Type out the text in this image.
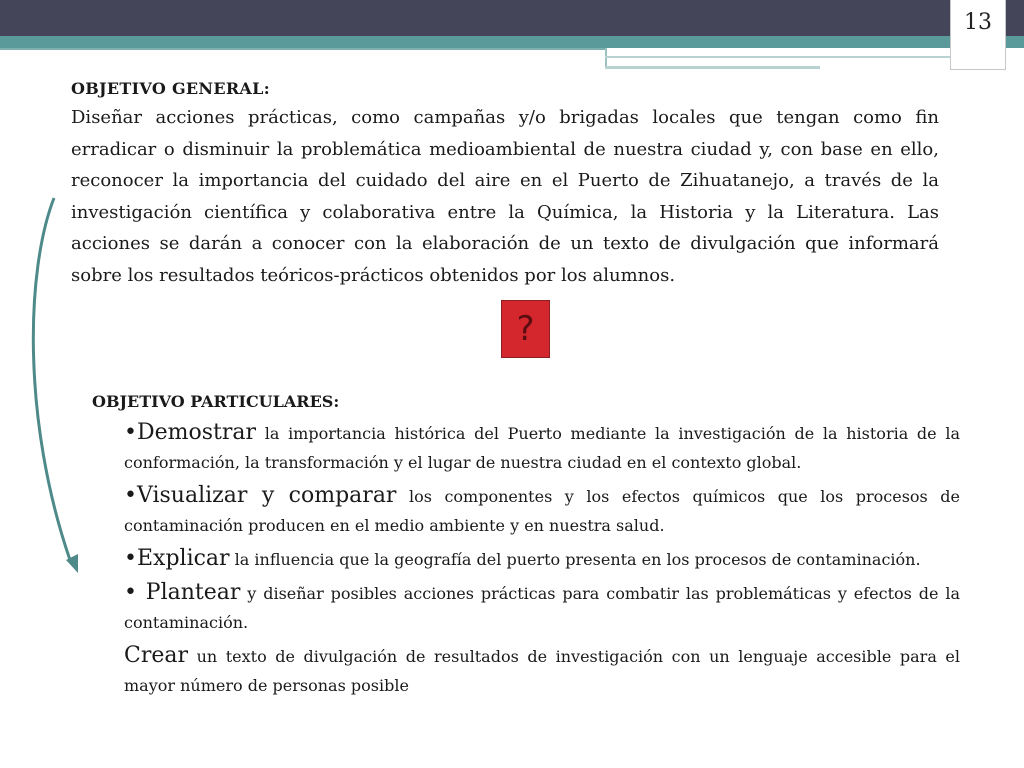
13
OBJETIVO GENERAL:

Diseñar acciones prácticas, como campañas y/o brigadas locales que tengan como fin erradicar o disminuir la problemática medioambiental de nuestra ciudad y, con base en ello, reconocer la importancia del cuidado del aire en el Puerto de Zihuatanejo, a través de la investigación científica y colaborativa entre la Química, la Historia y la Literatura. Las acciones se darán a conocer con la elaboración de un texto de divulgación que informará sobre los resultados teóricos-prácticos obtenidos por los alumnos.

?
OBJETIVO PARTICULARES:
•Demostrar la importancia histórica del Puerto mediante la investigación de la historia de la conformación, la transformación y el lugar de nuestra ciudad en el contexto global.
•Visualizar y comparar los componentes y los efectos químicos que los procesos de contaminación producen en el medio ambiente y en nuestra salud.
•Explicar la influencia que la geografía del puerto presenta en los procesos de contaminación.
• Plantear y diseñar posibles acciones prácticas para combatir las problemáticas y efectos de la contaminación.
Crear un texto de divulgación de resultados de investigación con un lenguaje accesible para el mayor número de personas posible
